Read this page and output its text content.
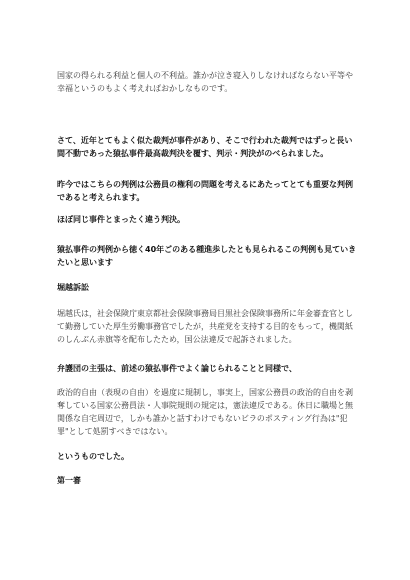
国家の得られる利益と個人の不利益。誰かが泣き寝入りしなければならない平等や幸福というのもよく考えればおかしなものです。

さて、近年とてもよく似た裁判が事件があり、そこで行われた裁判ではずっと長い間不動であった猿払事件最高裁判決を覆す、判示・判決がのべられました。

昨今ではこちらの判例は公務員の権利の問題を考えるにあたってとても重要な判例であると考えられます。

ほぼ同じ事件とまったく違う判決。

猿払事件の判例から徳く40年ごのある種進歩したとも見られるこの判例も見ていきたいと思います

堀越訴訟

堀越氏は，社会保険庁東京都社会保険事務局目黒社会保険事務所に年金審査官として勤務していた厚生労働事務官でしたが，共産党を支持する目的をもって，機関紙のしんぶん赤旗等を配布したため，国公法違反で起訴されました。

弁護団の主張は、前述の猿払事件でよく論じられることと同様で、

政治的自由（表現の自由）を過度に規制し，事実上，国家公務員の政治的自由を剥奪している国家公務員法・人事院規則の規定は，憲法違反である。休日に職場と無関係な自宅周辺で，しかも誰かと話すわけでもないビラのポスティング行為は"犯罪"として処罰すべきではない。

というものでした。

第一審
